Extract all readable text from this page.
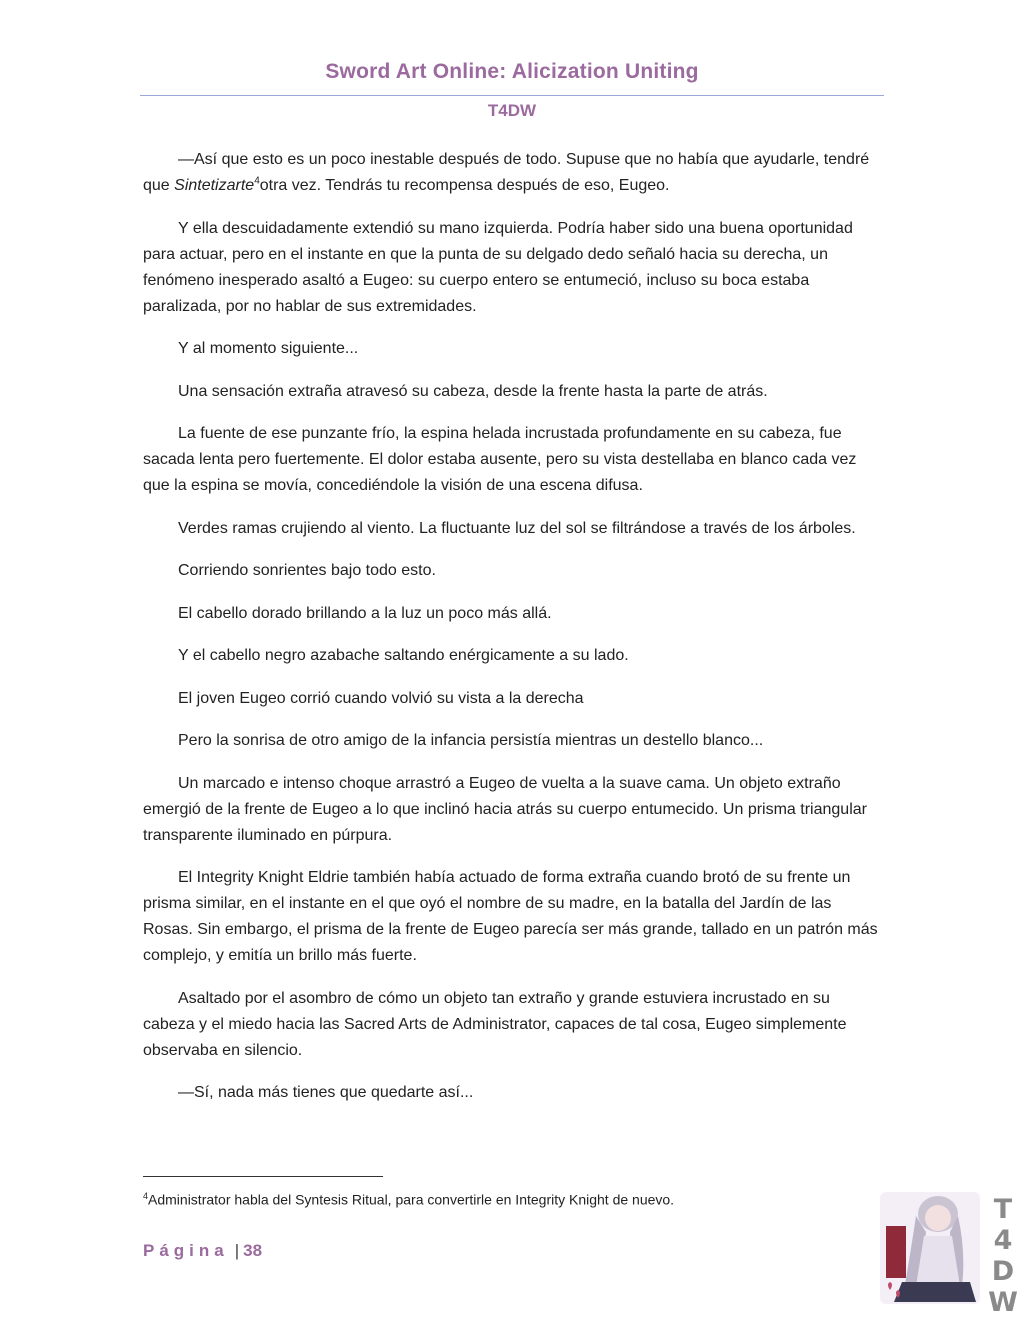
Sword Art Online: Alicization Uniting
T4DW

—Así que esto es un poco inestable después de todo. Supuse que no había que ayudarle, tendré que Sintetizarte$^4$otra vez. Tendrás tu recompensa después de eso, Eugeo.

Y ella descuidadamente extendió su mano izquierda. Podría haber sido una buena oportunidad para actuar, pero en el instante en que la punta de su delgado dedo señaló hacia su derecha, un fenómeno inesperado asaltó a Eugeo: su cuerpo entero se entumeció, incluso su boca estaba paralizada, por no hablar de sus extremidades.

Y al momento siguiente...

Una sensación extraña atravesó su cabeza, desde la frente hasta la parte de atrás.

La fuente de ese punzante frío, la espina helada incrustada profundamente en su cabeza, fue sacada lenta pero fuertemente. El dolor estaba ausente, pero su vista destellaba en blanco cada vez que la espina se movía, concediéndole la visión de una escena difusa.

Verdes ramas crujiendo al viento. La fluctuante luz del sol se filtrándose a través de los árboles.

Corriendo sonrientes bajo todo esto.

El cabello dorado brillando a la luz un poco más allá.

Y el cabello negro azabache saltando enérgicamente a su lado.

El joven Eugeo corrió cuando volvió su vista a la derecha

Pero la sonrisa de otro amigo de la infancia persistía mientras un destello blanco...

Un marcado e intenso choque arrastró a Eugeo de vuelta a la suave cama. Un objeto extraño emergió de la frente de Eugeo a lo que inclinó hacia atrás su cuerpo entumecido. Un prisma triangular transparente iluminado en púrpura.

El Integrity Knight Eldrie también había actuado de forma extraña cuando brotó de su frente un prisma similar, en el instante en el que oyó el nombre de su madre, en la batalla del Jardín de las Rosas. Sin embargo, el prisma de la frente de Eugeo parecía ser más grande, tallado en un patrón más complejo, y emitía un brillo más fuerte.

Asaltado por el asombro de cómo un objeto tan extraño y grande estuviera incrustado en su cabeza y el miedo hacia las Sacred Arts de Administrator, capaces de tal cosa, Eugeo simplemente observaba en silencio.

—Sí, nada más tienes que quedarte así...

$^4$Administrator habla del Syntesis Ritual, para convertirle en Integrity Knight de nuevo.
Página | 38
T
4
D
W
